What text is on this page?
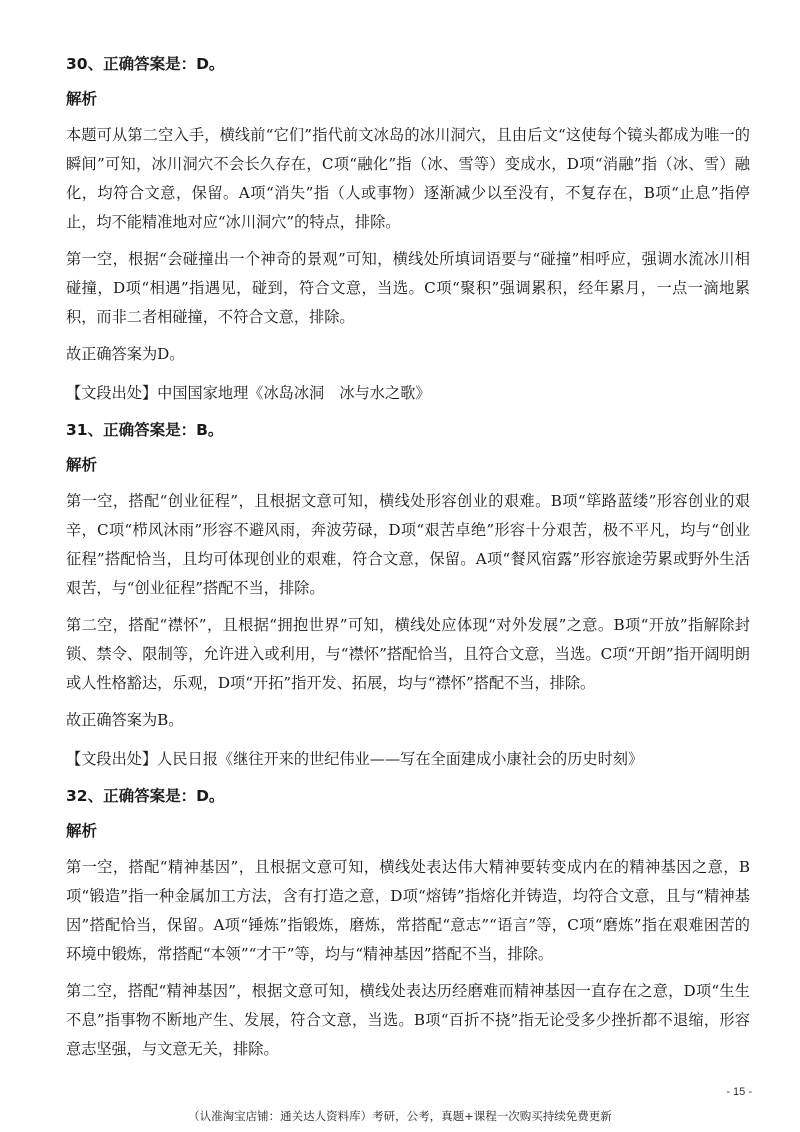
30、正确答案是：D。
解析

本题可从第二空入手，横线前“它们”指代前文冰岛的冰川洞穴，且由后文“这使每个镜头都成为唯一的瞬间”可知，冰川洞穴不会长久存在，C项“融化”指（冰、雪等）变成水，D项“消融”指（冰、雪）融化，均符合文意，保留。A项“消失”指（人或事物）逐渐减少以至没有，不复存在，B项“止息”指停止，均不能精准地对应“冰川洞穴”的特点，排除。

第一空，根据“会碰撞出一个神奇的景观”可知，横线处所填词语要与“碰撞”相呼应，强调水流冰川相碰撞，D项“相遇”指遇见，碰到，符合文意，当选。C项“聚积”强调累积，经年累月，一点一滴地累积，而非二者相碰撞，不符合文意，排除。

故正确答案为D。
【文段出处】中国国家地理《冰岛冰洞　冰与水之歌》
31、正确答案是：B。
解析

第一空，搭配“创业征程”，且根据文意可知，横线处形容创业的艰难。B项“筚路蓝缕”形容创业的艰辛，C项“栉风沐雨”形容不避风雨，奔波劳碌，D项“艰苦卓绝”形容十分艰苦，极不平凡，均与“创业征程”搭配恰当，且均可体现创业的艰难，符合文意，保留。A项“餐风宿露”形容旅途劳累或野外生活艰苦，与“创业征程”搭配不当，排除。

第二空，搭配“襟怀”，且根据“拥抱世界”可知，横线处应体现“对外发展”之意。B项“开放”指解除封锁、禁令、限制等，允许进入或利用，与“襟怀”搭配恰当，且符合文意，当选。C项“开朗”指开阔明朗或人性格豁达，乐观，D项“开拓”指开发、拓展，均与“襟怀”搭配不当，排除。

故正确答案为B。
【文段出处】人民日报《继往开来的世纪伟业——写在全面建成小康社会的历史时刻》
32、正确答案是：D。
解析

第一空，搭配“精神基因”，且根据文意可知，横线处表达伟大精神要转变成内在的精神基因之意，B项“锻造”指一种金属加工方法，含有打造之意，D项“熔铸”指熔化并铸造，均符合文意，且与“精神基因”搭配恰当，保留。A项“锤炼”指锻炼，磨炼，常搭配“意志”“语言”等，C项“磨炼”指在艰难困苦的环境中锻炼，常搭配“本领”“才干”等，均与“精神基因”搭配不当，排除。

第二空，搭配“精神基因”，根据文意可知，横线处表达历经磨难而精神基因一直存在之意，D项“生生不息”指事物不断地产生、发展，符合文意，当选。B项“百折不挠”指无论受多少挫折都不退缩，形容意志坚强，与文意无关，排除。

- 15 -
（认准淘宝店铺：通关达人资料库）考研，公考，真题+课程一次购买持续免费更新
